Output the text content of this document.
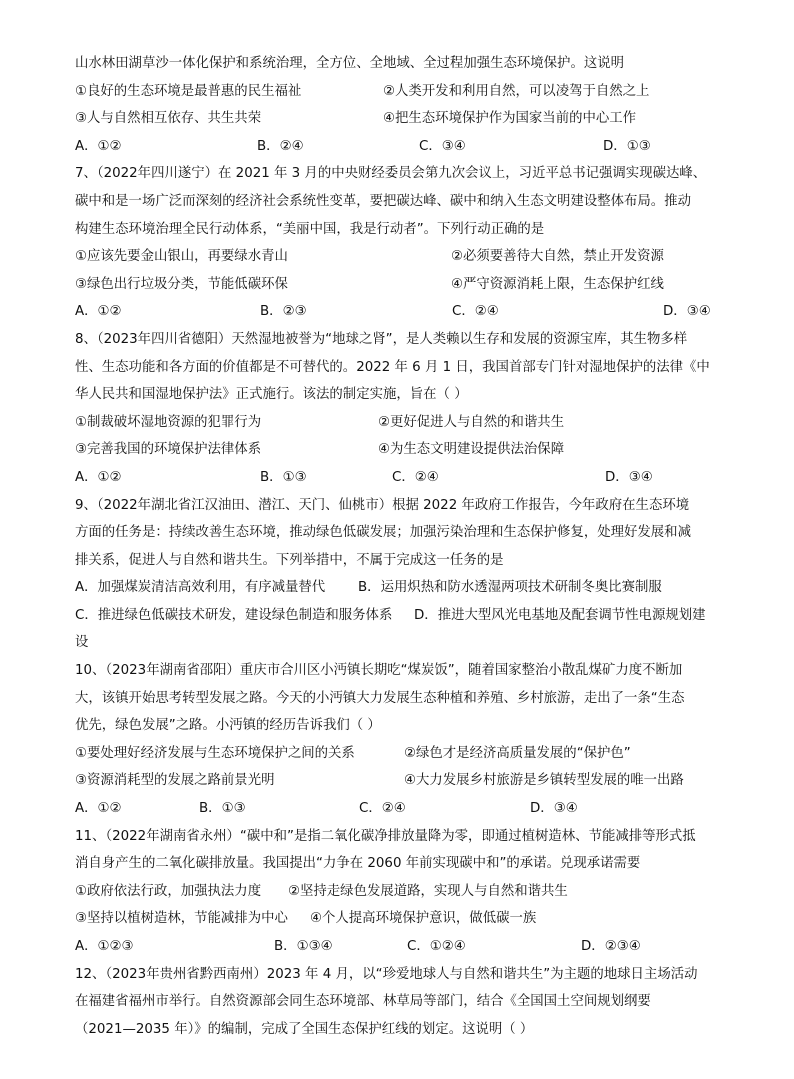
山水林田湖草沙一体化保护和系统治理，全方位、全地域、全过程加强生态环境保护。这说明
①良好的生态环境是最普惠的民生福祉	②人类开发和利用自然，可以凌驾于自然之上
③人与自然相互依存、共生共荣	④把生态环境保护作为国家当前的中心工作
A．①②	B．②④	C．③④	D．①③
7、（2022年四川遂宁）在 2021 年 3 月的中央财经委员会第九次会议上，习近平总书记强调实现碳达峰、
碳中和是一场广泛而深刻的经济社会系统性变革，要把碳达峰、碳中和纳入生态文明建设整体布局。推动
构建生态环境治理全民行动体系，“美丽中国，我是行动者”。下列行动正确的是
①应该先要金山银山，再要绿水青山	②必须要善待大自然，禁止开发资源
③绿色出行垃圾分类，节能低碳环保	④严守资源消耗上限，生态保护红线
A．①②	B．②③	C．②④	D．③④
8、（2023年四川省德阳）天然湿地被誉为“地球之肾”，是人类赖以生存和发展的资源宝库，其生物多样
性、生态功能和各方面的价值都是不可替代的。2022 年 6 月 1 日，我国首部专门针对湿地保护的法律《中
华人民共和国湿地保护法》正式施行。该法的制定实施，旨在（ ）
①制裁破坏湿地资源的犯罪行为	②更好促进人与自然的和谐共生
③完善我国的环境保护法律体系	④为生态文明建设提供法治保障
A．①②	B．①③	C．②④	D．③④
9、（2022年湖北省江汉油田、潜江、天门、仙桃市）根据 2022 年政府工作报告，今年政府在生态环境
方面的任务是：持续改善生态环境，推动绿色低碳发展；加强污染治理和生态保护修复，处理好发展和减
排关系，促进人与自然和谐共生。下列举措中，不属于完成这一任务的是
A．加强煤炭清洁高效利用，有序减量替代	B．运用炽热和防水透湿两项技术研制冬奥比赛制服
C．推进绿色低碳技术研发，建设绿色制造和服务体系	D．推进大型风光电基地及配套调节性电源规划建
设
10、（2023年湖南省邵阳）重庆市合川区小沔镇长期吃“煤炭饭”，随着国家整治小散乱煤矿力度不断加
大，该镇开始思考转型发展之路。今天的小沔镇大力发展生态种植和养殖、乡村旅游，走出了一条“生态
优先，绿色发展”之路。小沔镇的经历告诉我们（ ）
①要处理好经济发展与生态环境保护之间的关系	②绿色才是经济高质量发展的“保护色”
③资源消耗型的发展之路前景光明	④大力发展乡村旅游是乡镇转型发展的唯一出路
A．①②	B．①③	C．②④	D．③④
11、（2022年湖南省永州）“碳中和”是指二氧化碳净排放量降为零，即通过植树造林、节能减排等形式抵
消自身产生的二氧化碳排放量。我国提出“力争在 2060 年前实现碳中和”的承诺。兑现承诺需要
①政府依法行政，加强执法力度	②坚持走绿色发展道路，实现人与自然和谐共生
③坚持以植树造林，节能减排为中心	④个人提高环境保护意识，做低碳一族
A．①②③	B．①③④	C．①②④	D．②③④
12、（2023年贵州省黔西南州）2023 年 4 月，以“珍爱地球人与自然和谐共生”为主题的地球日主场活动
在福建省福州市举行。自然资源部会同生态环境部、林草局等部门，结合《全国国土空间规划纲要
（2021—2035 年）》的编制，完成了全国生态保护红线的划定。这说明（ ）
